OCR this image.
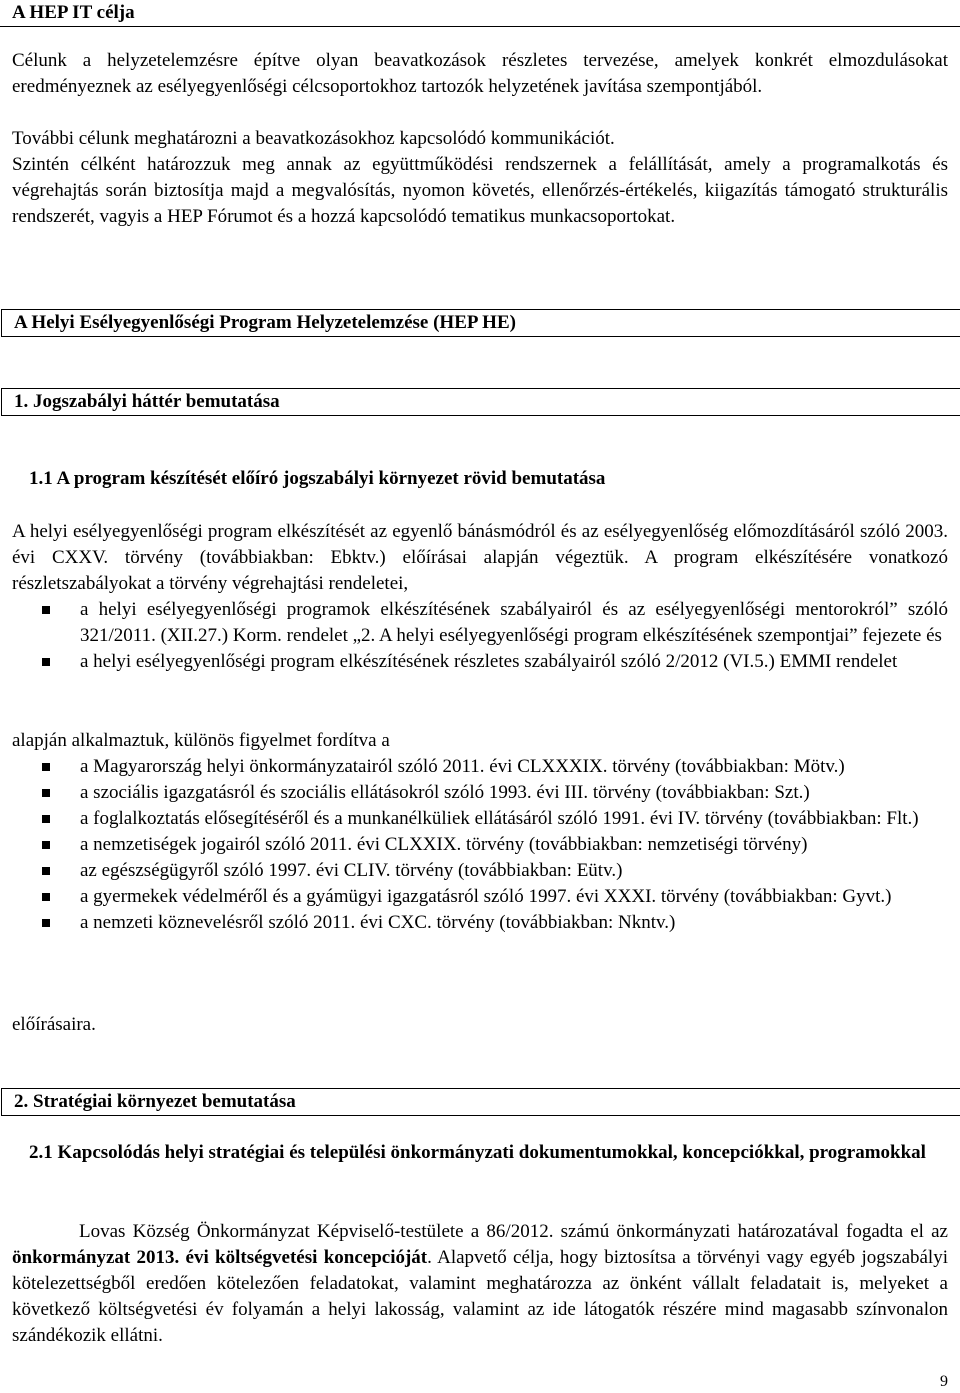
A HEP IT célja

Célunk a helyzetelemzésre építve olyan beavatkozások részletes tervezése, amelyek konkrét elmozdulásokat eredményeznek az esélyegyenlőségi célcsoportokhoz tartozók helyzetének javítása szempontjából.

További célunk meghatározni a beavatkozásokhoz kapcsolódó kommunikációt.

Szintén célként határozzuk meg annak az együttműködési rendszernek a felállítását, amely a programalkotás és végrehajtás során biztosítja majd a megvalósítás, nyomon követés, ellenőrzés-értékelés, kiigazítás támogató strukturális rendszerét, vagyis a HEP Fórumot és a hozzá kapcsolódó tematikus munkacsoportokat.

A Helyi Esélyegyenlőségi Program Helyzetelemzése (HEP HE)
1. Jogszabályi háttér bemutatása

1.1 A program készítését előíró jogszabályi környezet rövid bemutatása

A helyi esélyegyenlőségi program elkészítését az egyenlő bánásmódról és az esélyegyenlőség előmozdításáról szóló 2003. évi CXXV. törvény (továbbiakban: Ebktv.) előírásai alapján végeztük. A program elkészítésére vonatkozó részletszabályokat a törvény végrehajtási rendeletei,

a helyi esélyegyenlőségi programok elkészítésének szabályairól és az esélyegyenlőségi mentorokról” szóló 321/2011. (XII.27.) Korm. rendelet „2. A helyi esélyegyenlőségi program elkészítésének szempontjai” fejezete és
a helyi esélyegyenlőségi program elkészítésének részletes szabályairól szóló 2/2012 (VI.5.) EMMI rendelet

alapján alkalmaztuk, különös figyelmet fordítva a

a Magyarország helyi önkormányzatairól szóló 2011. évi CLXXXIX. törvény (továbbiakban: Mötv.)
a szociális igazgatásról és szociális ellátásokról szóló 1993. évi III. törvény (továbbiakban: Szt.)
a foglalkoztatás elősegítéséről és a munkanélküliek ellátásáról szóló 1991. évi IV. törvény (továbbiakban: Flt.)
a nemzetiségek jogairól szóló 2011. évi CLXXIX. törvény (továbbiakban: nemzetiségi törvény)
az egészségügyről szóló 1997. évi CLIV. törvény (továbbiakban: Eütv.)
a gyermekek védelméről és a gyámügyi igazgatásról szóló 1997. évi XXXI. törvény (továbbiakban: Gyvt.)
a nemzeti köznevelésről szóló 2011. évi CXC. törvény (továbbiakban: Nkntv.)

előírásaira.

2. Stratégiai környezet bemutatása

2.1 Kapcsolódás helyi stratégiai és települési önkormányzati dokumentumokkal, koncepciókkal, programokkal

Lovas Község Önkormányzat Képviselő-testülete a 86/2012. számú önkormányzati határozatával fogadta el az önkormányzat 2013. évi költségvetési koncepcióját. Alapvető célja, hogy biztosítsa a törvényi vagy egyéb jogszabályi kötelezettségből eredően kötelezően feladatokat, valamint meghatározza az önként vállalt feladatait is, melyeket a következő költségvetési év folyamán a helyi lakosság, valamint az ide látogatók részére mind magasabb színvonalon szándékozik ellátni.

9
